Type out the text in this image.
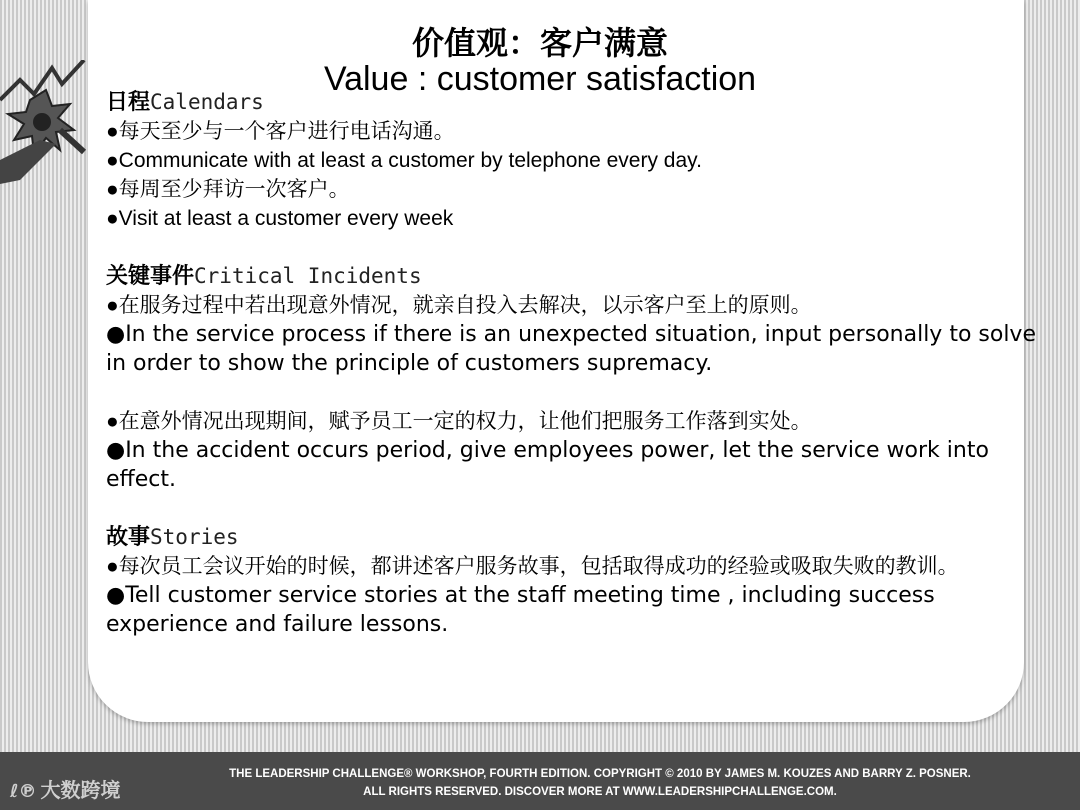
价值观：客户满意
Value : customer satisfaction
日程Calendars
●每天至少与一个客户进行电话沟通。
●Communicate with at least a customer by telephone every day.
●每周至少拜访一次客户。
●Visit at least a customer every week
关键事件Critical Incidents
●在服务过程中若出现意外情况，就亲自投入去解决，以示客户至上的原则。
●In the service process if there is an unexpected situation, input personally to solve in order to show the principle of customers supremacy.
●在意外情况出现期间，赋予员工一定的权力，让他们把服务工作落到实处。
●In the accident occurs period, give employees power, let the service work into effect.
故事Stories
●每次员工会议开始的时候，都讲述客户服务故事，包括取得成功的经验或吸取失败的教训。
●Tell customer service stories at the staff meeting time , including success experience and failure lessons.
THE LEADERSHIP CHALLENGE® WORKSHOP, FOURTH EDITION. COPYRIGHT © 2010 BY JAMES M. KOUZES AND BARRY Z. POSNER.
ALL RIGHTS RESERVED. DISCOVER MORE AT WWW.LEADERSHIPCHALLENGE.COM.
ℓ℗ 大数跨境
